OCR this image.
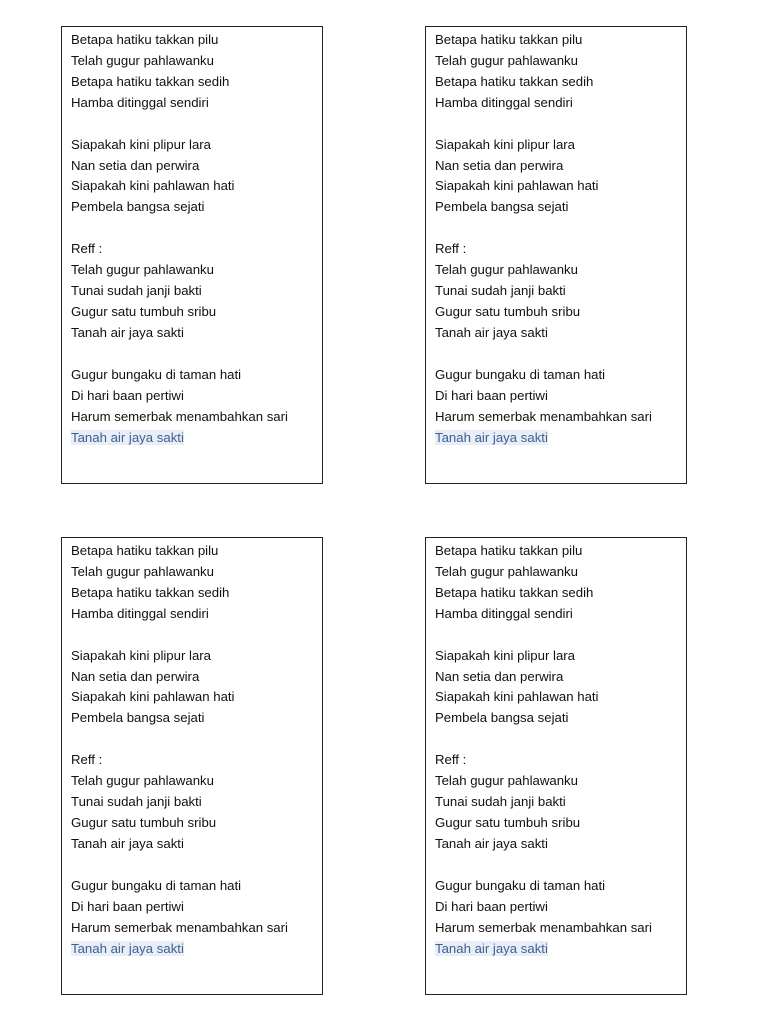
Betapa hatiku takkan pilu
Telah gugur pahlawanku
Betapa hatiku takkan sedih
Hamba ditinggal sendiri
Siapakah kini plipur lara
Nan setia dan perwira
Siapakah kini pahlawan hati
Pembela bangsa sejati
Reff :
Telah gugur pahlawanku
Tunai sudah janji bakti
Gugur satu tumbuh sribu
Tanah air jaya sakti
Gugur bungaku di taman hati
Di hari baan pertiwi
Harum semerbak menambahkan sari
Tanah air jaya sakti
Betapa hatiku takkan pilu
Telah gugur pahlawanku
Betapa hatiku takkan sedih
Hamba ditinggal sendiri
Siapakah kini plipur lara
Nan setia dan perwira
Siapakah kini pahlawan hati
Pembela bangsa sejati
Reff :
Telah gugur pahlawanku
Tunai sudah janji bakti
Gugur satu tumbuh sribu
Tanah air jaya sakti
Gugur bungaku di taman hati
Di hari baan pertiwi
Harum semerbak menambahkan sari
Tanah air jaya sakti
Betapa hatiku takkan pilu
Telah gugur pahlawanku
Betapa hatiku takkan sedih
Hamba ditinggal sendiri
Siapakah kini plipur lara
Nan setia dan perwira
Siapakah kini pahlawan hati
Pembela bangsa sejati
Reff :
Telah gugur pahlawanku
Tunai sudah janji bakti
Gugur satu tumbuh sribu
Tanah air jaya sakti
Gugur bungaku di taman hati
Di hari baan pertiwi
Harum semerbak menambahkan sari
Tanah air jaya sakti
Betapa hatiku takkan pilu
Telah gugur pahlawanku
Betapa hatiku takkan sedih
Hamba ditinggal sendiri
Siapakah kini plipur lara
Nan setia dan perwira
Siapakah kini pahlawan hati
Pembela bangsa sejati
Reff :
Telah gugur pahlawanku
Tunai sudah janji bakti
Gugur satu tumbuh sribu
Tanah air jaya sakti
Gugur bungaku di taman hati
Di hari baan pertiwi
Harum semerbak menambahkan sari
Tanah air jaya sakti
